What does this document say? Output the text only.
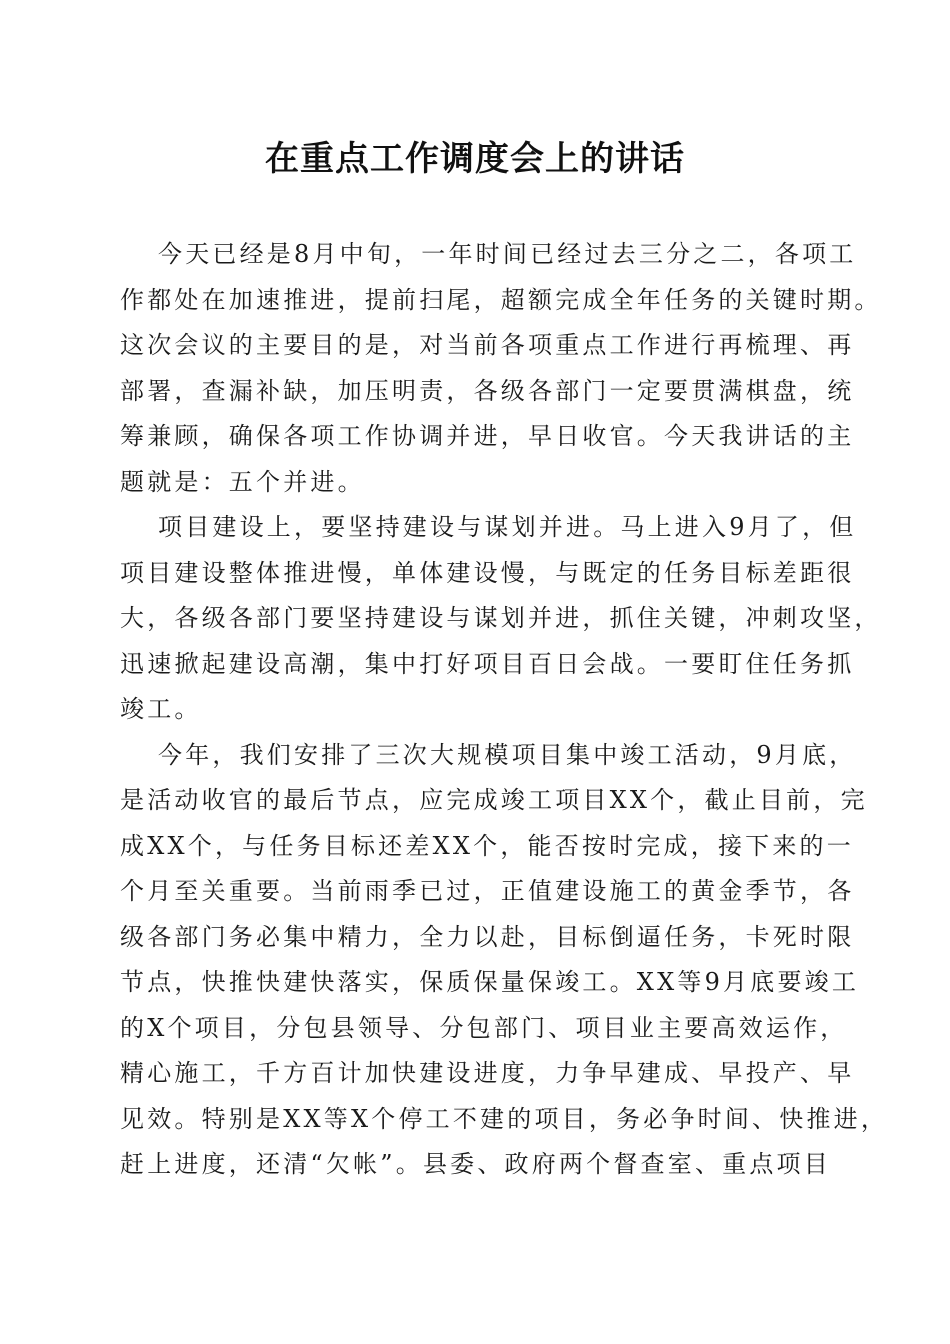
在重点工作调度会上的讲话
今天已经是8月中旬，一年时间已经过去三分之二，各项工
作都处在加速推进，提前扫尾，超额完成全年任务的关键时期。
这次会议的主要目的是，对当前各项重点工作进行再梳理、再
部署，查漏补缺，加压明责，各级各部门一定要贯满棋盘，统
筹兼顾，确保各项工作协调并进，早日收官。今天我讲话的主
题就是：五个并进。
项目建设上，要坚持建设与谋划并进。马上进入9月了，但
项目建设整体推进慢，单体建设慢，与既定的任务目标差距很
大，各级各部门要坚持建设与谋划并进，抓住关键，冲刺攻坚，
迅速掀起建设高潮，集中打好项目百日会战。一要盯住任务抓
竣工。
今年，我们安排了三次大规模项目集中竣工活动，9月底，
是活动收官的最后节点，应完成竣工项目XX个，截止目前，完
成XX个，与任务目标还差XX个，能否按时完成，接下来的一
个月至关重要。当前雨季已过，正值建设施工的黄金季节，各
级各部门务必集中精力，全力以赴，目标倒逼任务，卡死时限
节点，快推快建快落实，保质保量保竣工。XX等9月底要竣工
的X个项目，分包县领导、分包部门、项目业主要高效运作，
精心施工，千方百计加快建设进度，力争早建成、早投产、早
见效。特别是XX等X个停工不建的项目，务必争时间、快推进，
赶上进度，还清“欠帐”。县委、政府两个督查室、重点项目
